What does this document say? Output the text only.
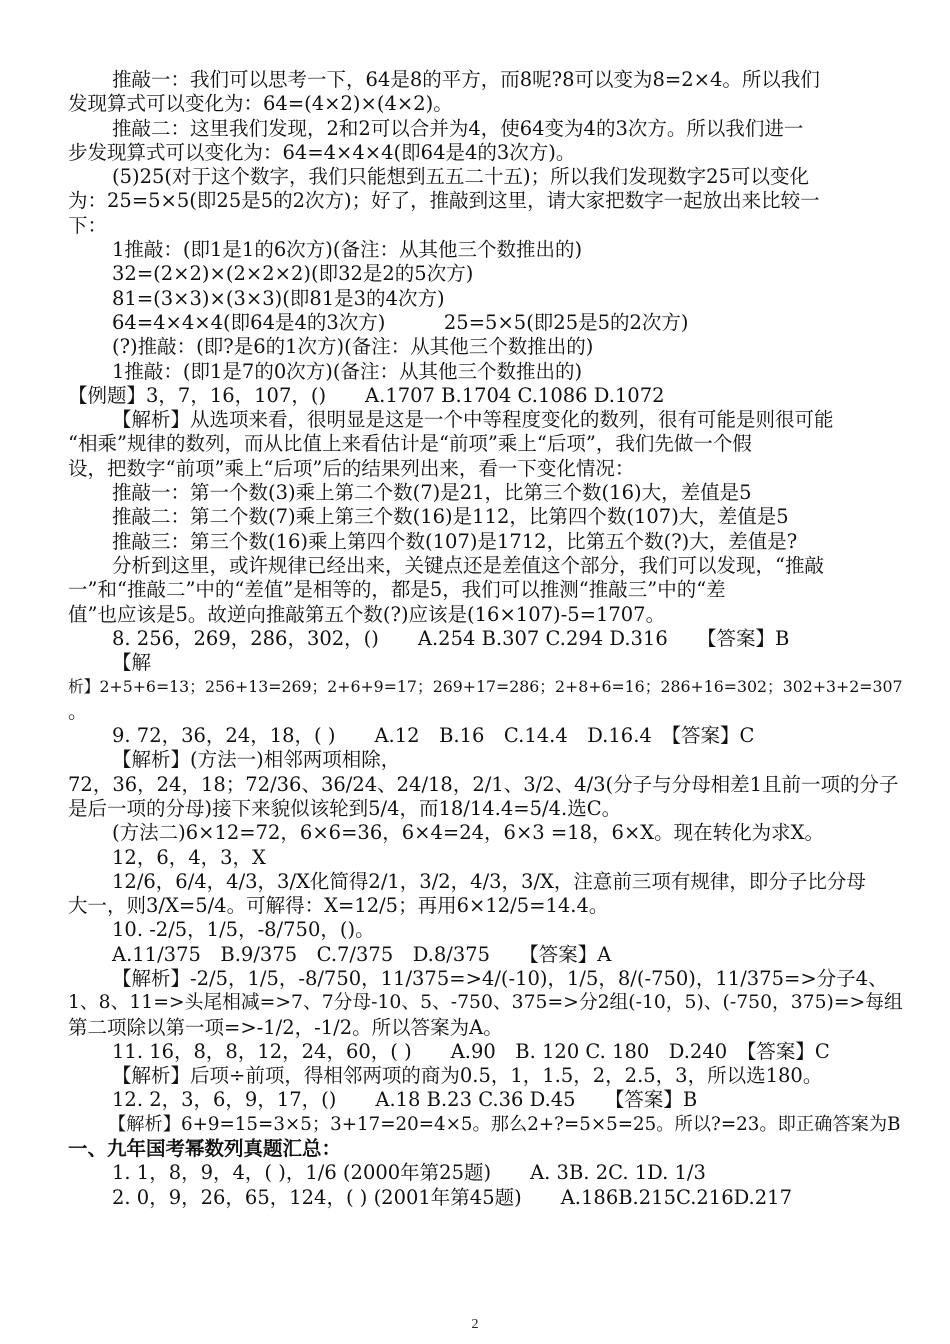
推敲一：我们可以思考一下，64是8的平方，而8呢?8可以变为8=2×4。所以我们
发现算式可以变化为：64=(4×2)×(4×2)。
推敲二：这里我们发现，2和2可以合并为4，使64变为4的3次方。所以我们进一
步发现算式可以变化为：64=4×4×4(即64是4的3次方)。
(5)25(对于这个数字，我们只能想到五五二十五)；所以我们发现数字25可以变化
为：25=5×5(即25是5的2次方)；好了，推敲到这里，请大家把数字一起放出来比较一
下：
1推敲：(即1是1的6次方)(备注：从其他三个数推出的)
32=(2×2)×(2×2×2)(即32是2的5次方)
81=(3×3)×(3×3)(即81是3的4次方)
64=4×4×4(即64是4的3次方)　　　25=5×5(即25是5的2次方)
(?)推敲：(即?是6的1次方)(备注：从其他三个数推出的)
1推敲：(即1是7的0次方)(备注：从其他三个数推出的)
【例题】3，7，16，107，()　　A.1707 B.1704 C.1086 D.1072
【解析】从选项来看，很明显是这是一个中等程度变化的数列，很有可能是则很可能
“相乘”规律的数列，而从比值上来看估计是“前项”乘上“后项”，我们先做一个假
设，把数字“前项”乘上“后项”后的结果列出来，看一下变化情况：
推敲一：第一个数(3)乘上第二个数(7)是21，比第三个数(16)大，差值是5
推敲二：第二个数(7)乘上第三个数(16)是112，比第四个数(107)大，差值是5
推敲三：第三个数(16)乘上第四个数(107)是1712，比第五个数(?)大，差值是?
分析到这里，或许规律已经出来，关键点还是差值这个部分，我们可以发现，“推敲
一”和“推敲二”中的“差值”是相等的，都是5，我们可以推测“推敲三”中的“差
值”也应该是5。故逆向推敲第五个数(?)应该是(16×107)-5=1707。
8. 256，269，286，302，()　　A.254 B.307 C.294 D.316　　【答案】B
【解
析】2+5+6=13；256+13=269；2+6+9=17；269+17=286；2+8+6=16；286+16=302；302+3+2=307
。
9. 72，36，24，18，( )　　A.12　B.16　C.14.4　D.16.4　【答案】C
【解析】(方法一)相邻两项相除，
72，36，24，18；72/36、36/24、24/18，2/1、3/2、4/3(分子与分母相差1且前一项的分子
是后一项的分母)接下来貌似该轮到5/4，而18/14.4=5/4.选C。
(方法二)6×12=72，6×6=36，6×4=24，6×3 =18，6×X。现在转化为求X。
12，6，4，3，X
12/6，6/4，4/3，3/X化简得2/1，3/2，4/3，3/X，注意前三项有规律，即分子比分母
大一，则3/X=5/4。可解得：X=12/5；再用6×12/5=14.4。
10. -2/5，1/5，-8/750，()。
A.11/375　B.9/375　C.7/375　D.8/375　　【答案】A
【解析】-2/5，1/5，-8/750，11/375=>4/(-10)，1/5，8/(-750)，11/375=>分子4、
1、8、11=>头尾相减=>7、7分母-10、5、-750、375=>分2组(-10，5)、(-750，375)=>每组
第二项除以第一项=>-1/2，-1/2。所以答案为A。
11. 16，8，8，12，24，60，( )　　A.90　B. 120 C. 180　D.240　【答案】C
【解析】后项÷前项，得相邻两项的商为0.5，1，1.5，2，2.5，3，所以选180。
12. 2，3，6，9，17，()　　A.18 B.23 C.36 D.45　　【答案】B
【解析】6+9=15=3×5；3+17=20=4×5。那么2+?=5×5=25。所以?=23。即正确答案为B
一、九年国考幂数列真题汇总：
1. 1，8，9，4，( )，1/6 (2000年第25题)　　A. 3B. 2C. 1D. 1/3
2. 0，9，26，65，124，( ) (2001年第45题)　　A.186B.215C.216D.217
2
